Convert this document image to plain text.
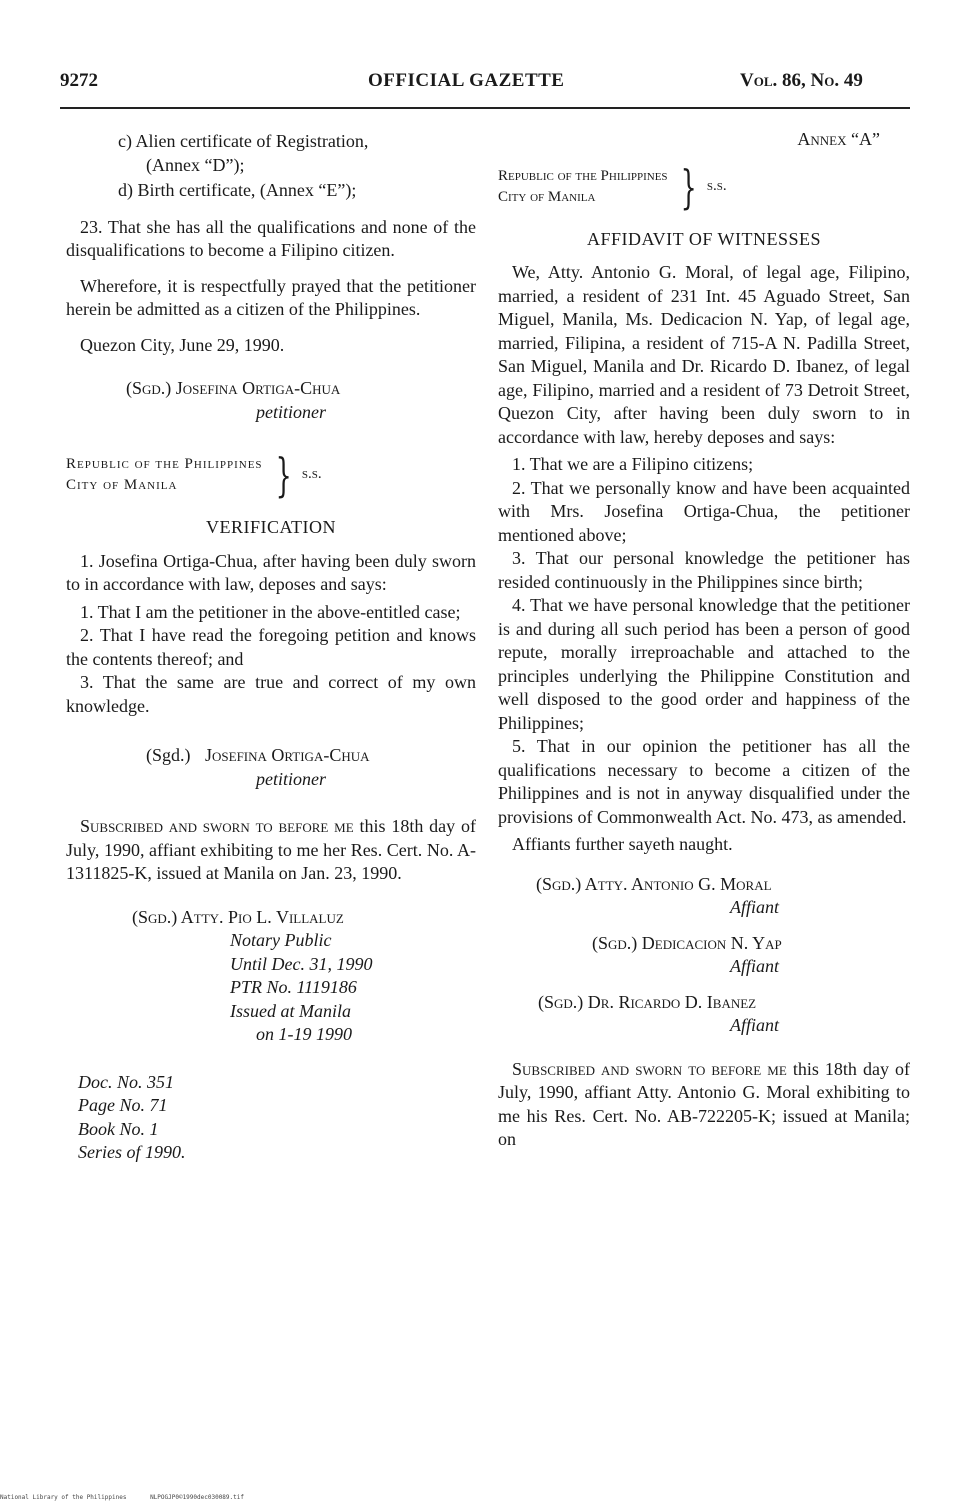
9272	OFFICIAL GAZETTE	Vol. 86, No. 49

c) Alien certificate of Registration,

(Annex “D”);

d) Birth certificate, (Annex “E”);

23. That she has all the qualifications and none of the disqualifications to become a Filipino citizen.

Wherefore, it is respectfully prayed that the petitioner herein be admitted as a citizen of the Philippines.

Quezon City, June 29, 1990.

(Sgd.) Josefina Ortiga-Chua

petitioner

Republic of the Philippines
City of Manila	} s.s.

VERIFICATION

1. Josefina Ortiga-Chua, after having been duly sworn to in accordance with law, deposes and says:

1. That I am the petitioner in the above-entitled case;

2. That I have read the foregoing petition and knows the contents thereof; and

3. That the same are true and correct of my own knowledge.

(Sgd.) Josefina Ortiga-Chua

petitioner

Subscribed and sworn to before me this 18th day of July, 1990, affiant exhibiting to me her Res. Cert. No. A-1311825-K, issued at Manila on Jan. 23, 1990.

(Sgd.) Atty. Pio L. Villaluz

Notary Public
Until Dec. 31, 1990
PTR No. 1119186
Issued at Manila
on 1-19 1990
Doc. No. 351
Page No. 71
Book No. 1
Series of 1990.

Annex “A”

Republic of the Philippines
City of Manila	} s.s.

AFFIDAVIT OF WITNESSES

We, Atty. Antonio G. Moral, of legal age, Filipino, married, a resident of 231 Int. 45 Aguado Street, San Miguel, Manila, Ms. Dedicacion N. Yap, of legal age, married, Filipina, a resident of 715-A N. Padilla Street, San Miguel, Manila and Dr. Ricardo D. Ibanez, of legal age, Filipino, married and a resident of 73 Detroit Street, Quezon City, after having been duly sworn to in accordance with law, hereby deposes and says:

1. That we are a Filipino citizens;

2. That we personally know and have been acquainted with Mrs. Josefina Ortiga-Chua, the petitioner mentioned above;

3. That our personal knowledge the petitioner has resided continuously in the Philippines since birth;

4. That we have personal knowledge that the petitioner is and during all such period has been a person of good repute, morally irreproachable and attached to the principles underlying the Philippine Constitution and well disposed to the good order and happiness of the Philippines;

5. That in our opinion the petitioner has all the qualifications necessary to become a citizen of the Philippines and is not in anyway disqualified under the provisions of Commonwealth Act. No. 473, as amended.

Affiants further sayeth naught.

(Sgd.) Atty. Antonio G. Moral

Affiant

(Sgd.) Dedicacion N. Yap

Affiant

(Sgd.) Dr. Ricardo D. Ibanez

Affiant

Subscribed and sworn to before me this 18th day of July, 1990, affiant Atty. Antonio G. Moral exhibiting to me his Res. Cert. No. AB-722205-K; issued at Manila; on

National Library of the Philippines	NLPOGJP0©1990dec030089.tif
